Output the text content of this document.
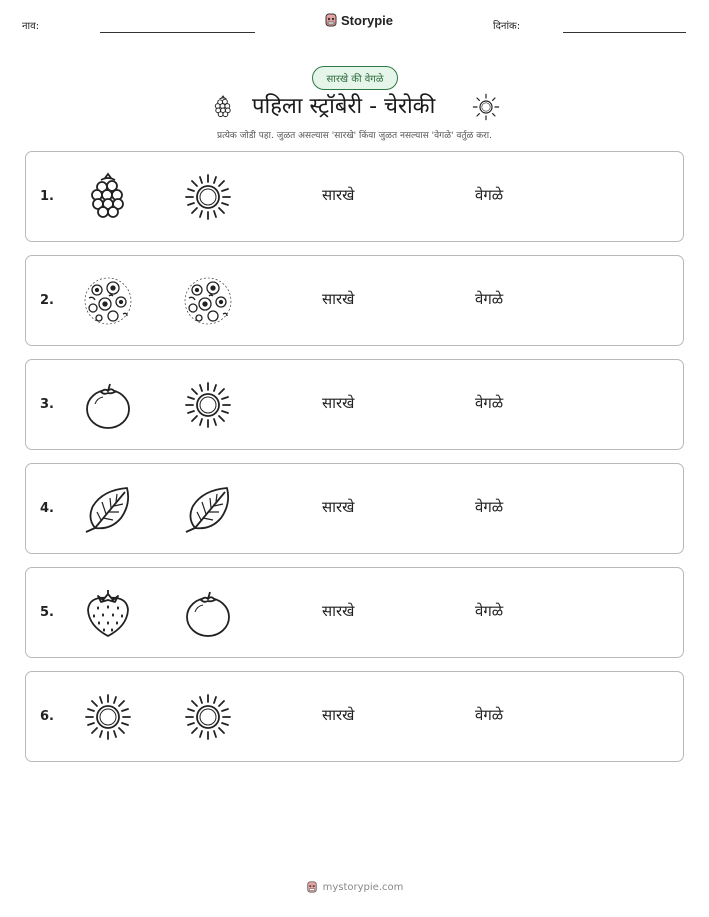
नाव:	Storypie	दिनांक:
सारखे की वेगळे
पहिला स्ट्रॉबेरी - चेरोकी
प्रत्येक जोडी पहा. जुळत असल्यास 'सारखे' किंवा जुळत नसल्यास 'वेगळे' वर्तुळ करा.
1.	सारखे	वेगळे
2.	सारखे	वेगळे
3.	सारखे	वेगळे
4.	सारखे	वेगळे
5.	सारखे	वेगळे
6.	सारखे	वेगळे
mystorypie.com
